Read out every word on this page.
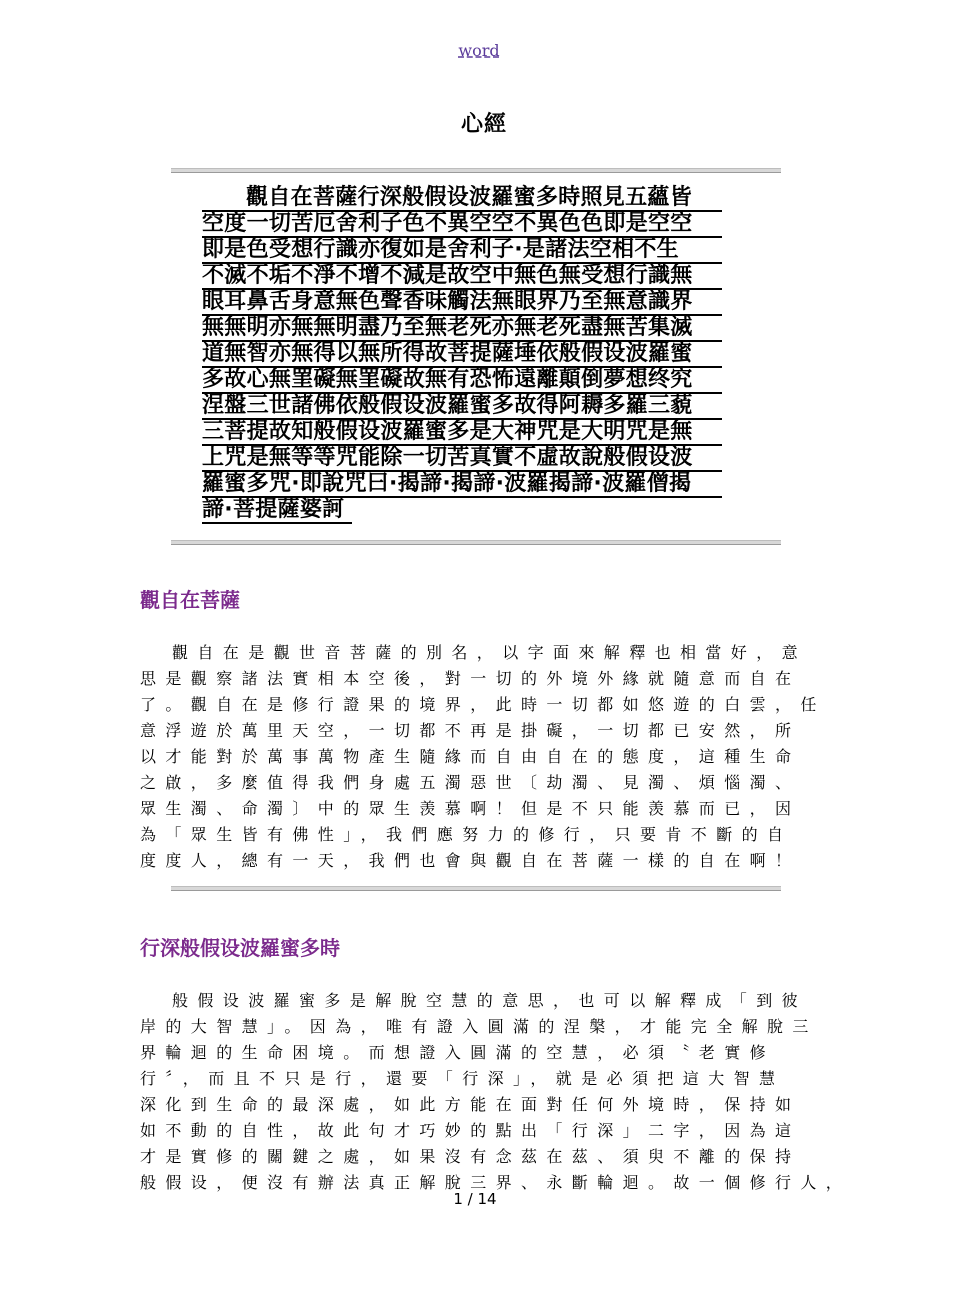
word
心經
觀自在菩薩行深般假设波羅蜜多時照見五蘊皆
空度一切苦厄舍利子色不異空空不異色色即是空空
即是色受想行識亦復如是舍利子·是諸法空相不生
不滅不垢不淨不增不減是故空中無色無受想行識無
眼耳鼻舌身意無色聲香味觸法無眼界乃至無意識界
無無明亦無無明盡乃至無老死亦無老死盡無苦集滅
道無智亦無得以無所得故菩提薩埵依般假设波羅蜜
多故心無罣礙無罣礙故無有恐怖遠離顛倒夢想终究
涅盤三世諸佛依般假设波羅蜜多故得阿耨多羅三藐
三菩提故知般假设波羅蜜多是大神咒是大明咒是無
上咒是無等等咒能除一切苦真實不虛故說般假设波
羅蜜多咒·即說咒曰·揭諦·揭諦·波羅揭諦·波羅僧揭
諦·菩提薩婆訶
觀自在菩薩
觀自在是觀世音菩薩的別名，以字面來解釋也相當好，意
思是觀察諸法實相本空後，對一切的外境外緣就隨意而自在
了。觀自在是修行證果的境界，此時一切都如悠遊的白雲，任
意浮遊於萬里天空，一切都不再是掛礙，一切都已安然，所
以才能對於萬事萬物產生隨緣而自由自在的態度，這種生命
之啟，多麼值得我們身處五濁惡世〔劫濁、見濁、煩惱濁、
眾生濁、命濁〕中的眾生羡慕啊！但是不只能羡慕而已，因
為「眾生皆有佛性」，我們應努力的修行，只要肯不斷的自
度度人，總有一天，我們也會與觀自在菩薩一樣的自在啊！
行深般假设波羅蜜多時
般假设波羅蜜多是解脫空慧的意思，也可以解釋成「到彼
岸的大智慧」。因為，唯有證入圓滿的涅槃，才能完全解脫三
界輪迴的生命困境。而想證入圓滿的空慧，必須〝老實修
行〞，而且不只是行，還要「行深」，就是必須把這大智慧
深化到生命的最深處，如此方能在面對任何外境時，保持如
如不動的自性，故此句才巧妙的點出「行深」二字，因為這
才是實修的關鍵之處，如果沒有念茲在茲、須臾不離的保持
般假设，便沒有辦法真正解脫三界、永斷輪迴。故一個修行人，
1 / 14
